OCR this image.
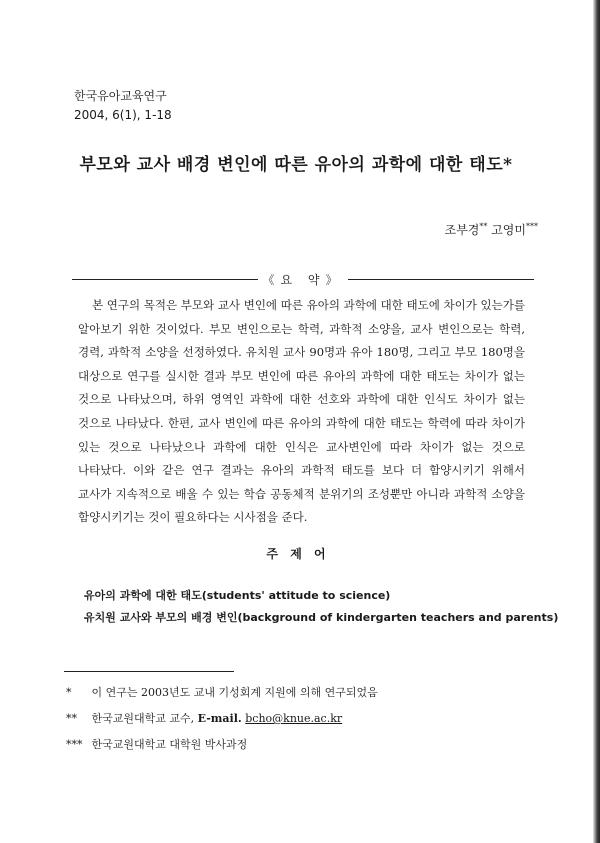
한국유아교육연구
2004, 6(1), 1-18
부모와 교사 배경 변인에 따른 유아의 과학에 대한 태도*
조부경** 고영미***
《요 약》
본 연구의 목적은 부모와 교사 변인에 따른 유아의 과학에 대한 태도에 차이가 있는가를 알아보기 위한 것이었다. 부모 변인으로는 학력, 과학적 소양을, 교사 변인으로는 학력, 경력, 과학적 소양을 선정하였다. 유치원 교사 90명과 유아 180명, 그리고 부모 180명을 대상으로 연구를 실시한 결과 부모 변인에 따른 유아의 과학에 대한 태도는 차이가 없는 것으로 나타났으며, 하위 영역인 과학에 대한 선호와 과학에 대한 인식도 차이가 없는 것으로 나타났다. 한편, 교사 변인에 따른 유아의 과학에 대한 태도는 학력에 따라 차이가 있는 것으로 나타났으나 과학에 대한 인식은 교사변인에 따라 차이가 없는 것으로 나타났다. 이와 같은 연구 결과는 유아의 과학적 태도를 보다 더 함양시키기 위해서 교사가 지속적으로 배울 수 있는 학습 공동체적 분위기의 조성뿐만 아니라 과학적 소양을 함양시키기는 것이 필요하다는 시사점을 준다.
주 제 어
유아의 과학에 대한 태도(students' attitude to science)
유치원 교사와 부모의 배경 변인(background of kindergarten teachers and parents)
* 이 연구는 2003년도 교내 기성회계 지원에 의해 연구되었음
** 한국교원대학교 교수, E-mail. bcho@knue.ac.kr
*** 한국교원대학교 대학원 박사과정
